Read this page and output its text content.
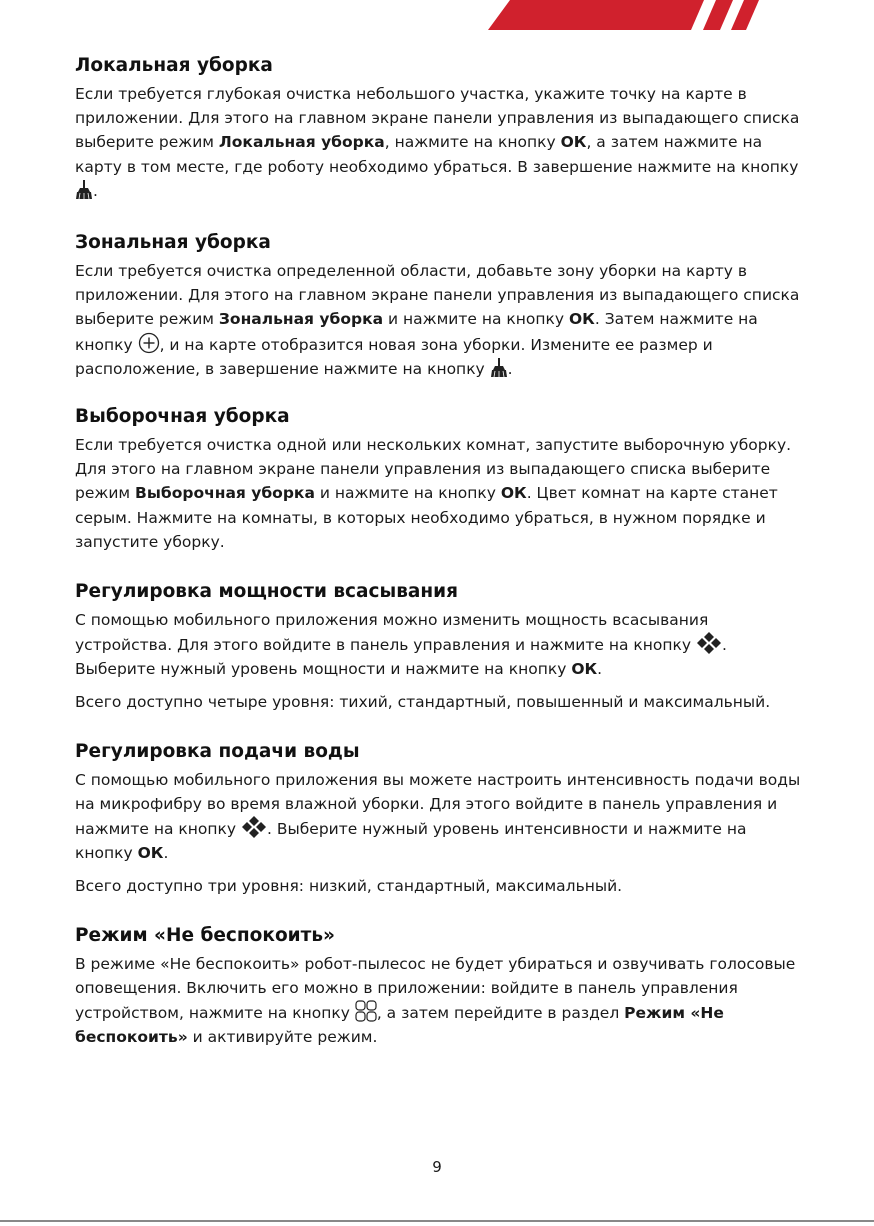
Локальная уборка

Если требуется глубокая очистка небольшого участка, укажите точку на карте в приложении. Для этого на главном экране панели управления из выпадающего списка выберите режим Локальная уборка, нажмите на кнопку ОК, а затем нажмите на карту в том месте, где роботу необходимо убраться. В завершение нажмите на кнопку .

Зональная уборка

Если требуется очистка определенной области, добавьте зону уборки на карту в приложении. Для этого на главном экране панели управления из выпадающего списка выберите режим Зональная уборка и нажмите на кнопку ОК. Затем нажмите на кнопку , и на карте отобразится новая зона уборки. Измените ее размер и расположение, в завершение нажмите на кнопку .

Выборочная уборка

Если требуется очистка одной или нескольких комнат, запустите выборочную уборку. Для этого на главном экране панели управления из выпадающего списка выберите режим Выборочная уборка и нажмите на кнопку ОК. Цвет комнат на карте станет серым. Нажмите на комнаты, в которых необходимо убраться, в нужном порядке и запустите уборку.

Регулировка мощности всасывания

С помощью мобильного приложения можно изменить мощность всасывания устройства. Для этого войдите в панель управления и нажмите на кнопку . Выберите нужный уровень мощности и нажмите на кнопку ОК.

Всего доступно четыре уровня: тихий, стандартный, повышенный и максимальный.

Регулировка подачи воды

С помощью мобильного приложения вы можете настроить интенсивность подачи воды на микрофибру во время влажной уборки. Для этого войдите в панель управления и нажмите на кнопку . Выберите нужный уровень интенсивности и нажмите на кнопку ОК.

Всего доступно три уровня: низкий, стандартный, максимальный.

Режим «Не беспокоить»

В режиме «Не беспокоить» робот-пылесос не будет убираться и озвучивать голосовые оповещения. Включить его можно в приложении: войдите в панель управления устройством, нажмите на кнопку , а затем перейдите в раздел Режим «Не беспокоить» и активируйте режим.

9
